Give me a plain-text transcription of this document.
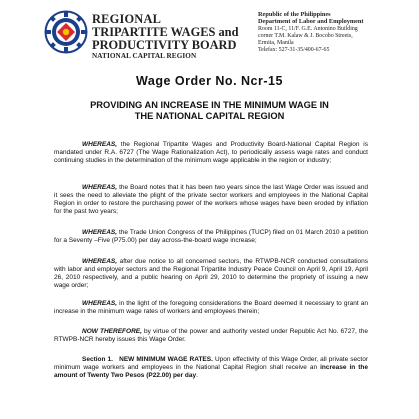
REGIONAL
TRIPARTITE WAGES and
PRODUCTIVITY BOARD
NATIONAL CAPITAL REGION
Republic of the Philippines
Department of Labor and Employment
Room 11-C, 11/F. G.E. Antonino Building
corner T.M. Kalaw & J. Bocobo Streets,
Ermita, Manila
Telefax: 527-31-35/400-67-65
Wage Order No. Ncr-15
PROVIDING AN INCREASE IN THE MINIMUM WAGE IN
THE NATIONAL CAPITAL REGION
WHEREAS, the Regional Tripartite Wages and Productivity Board-National Capital Region is mandated under R.A. 6727 (The Wage Rationalization Act), to periodically assess wage rates and conduct continuing studies in the determination of the minimum wage applicable in the region or industry;
WHEREAS, the Board notes that it has been two years since the last Wage Order was issued and it sees the need to alleviate the plight of the private sector workers and employees in the National Capital Region in order to restore the purchasing power of the workers whose wages have been eroded by inflation for the past two years;
WHEREAS, the Trade Union Congress of the Philippines (TUCP) filed on 01 March 2010 a petition for a Seventy –Five (P75.00) per day across-the-board wage increase;
WHEREAS, after due notice to all concerned sectors, the RTWPB-NCR conducted consultations with labor and employer sectors and the Regional Tripartite Industry Peace Council on April 9, April 19, April 26, 2010 respectively, and a public hearing on April 29, 2010 to determine the propriety of issuing a new wage order;
WHEREAS, in the light of the foregoing considerations the Board deemed it necessary to grant an increase in the minimum wage rates of workers and employees therein;
NOW THEREFORE, by virtue of the power and authority vested under Republic Act No. 6727, the RTWPB-NCR hereby issues this Wage Order.
Section 1. NEW MINIMUM WAGE RATES. Upon effectivity of this Wage Order, all private sector minimum wage workers and employees in the National Capital Region shall receive an increase in the amount of Twenty Two Pesos (P22.00) per day.
